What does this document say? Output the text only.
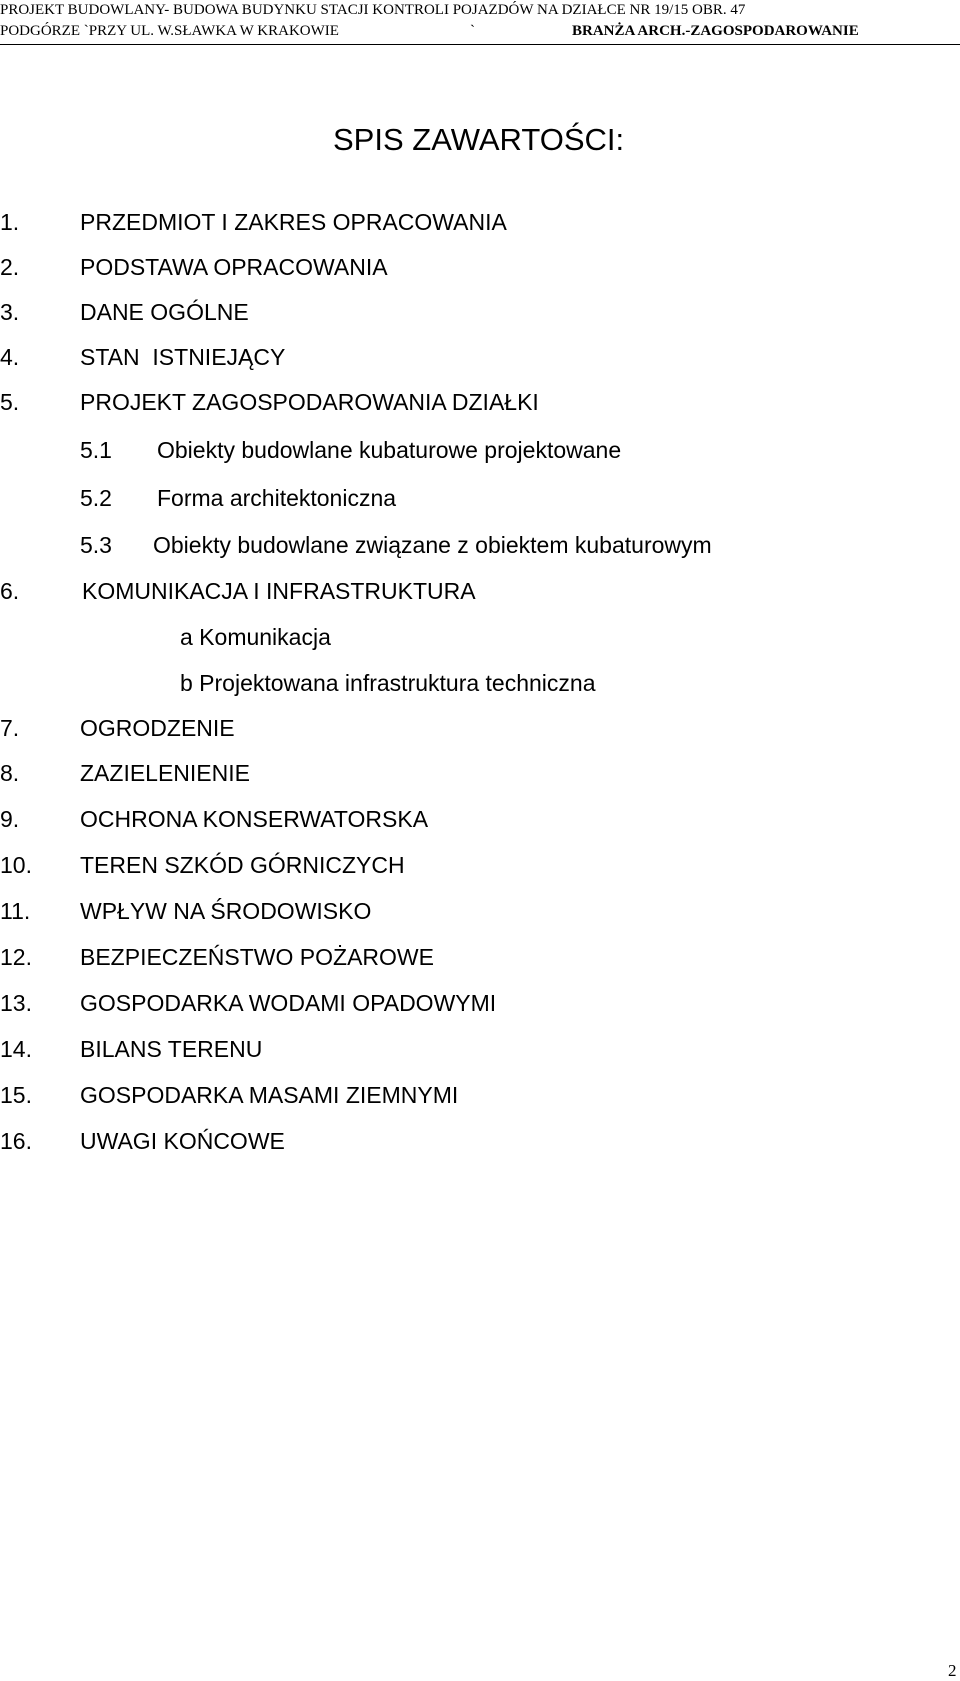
PROJEKT BUDOWLANY- BUDOWA BUDYNKU STACJI KONTROLI POJAZDÓW NA DZIAŁCE NR 19/15 OBR. 47
PODGÓRZE `PRZY UL. W.SŁAWKA W KRAKOWIE	`	BRANŻA ARCH.-ZAGOSPODAROWANIE
SPIS ZAWARTOŚCI:
1.	PRZEDMIOT I ZAKRES OPRACOWANIA
2.	PODSTAWA OPRACOWANIA
3.	DANE OGÓLNE
4.	STAN  ISTNIEJĄCY
5.	PROJEKT ZAGOSPODAROWANIA DZIAŁKI
5.1 Obiekty budowlane kubaturowe projektowane
5.2 Forma architektoniczna
5.3 Obiekty budowlane związane z obiektem kubaturowym
6.	KOMUNIKACJA I INFRASTRUKTURA
a Komunikacja
b Projektowana infrastruktura techniczna
7.	OGRODZENIE
8.	ZAZIELENIENIE
9.	OCHRONA KONSERWATORSKA
10. TEREN SZKÓD GÓRNICZYCH
11. WPŁYW NA ŚRODOWISKO
12. BEZPIECZEŃSTWO POŻAROWE
13. GOSPODARKA WODAMI OPADOWYMI
14. BILANS TERENU
15. GOSPODARKA MASAMI ZIEMNYMI
16. UWAGI KOŃCOWE
2
